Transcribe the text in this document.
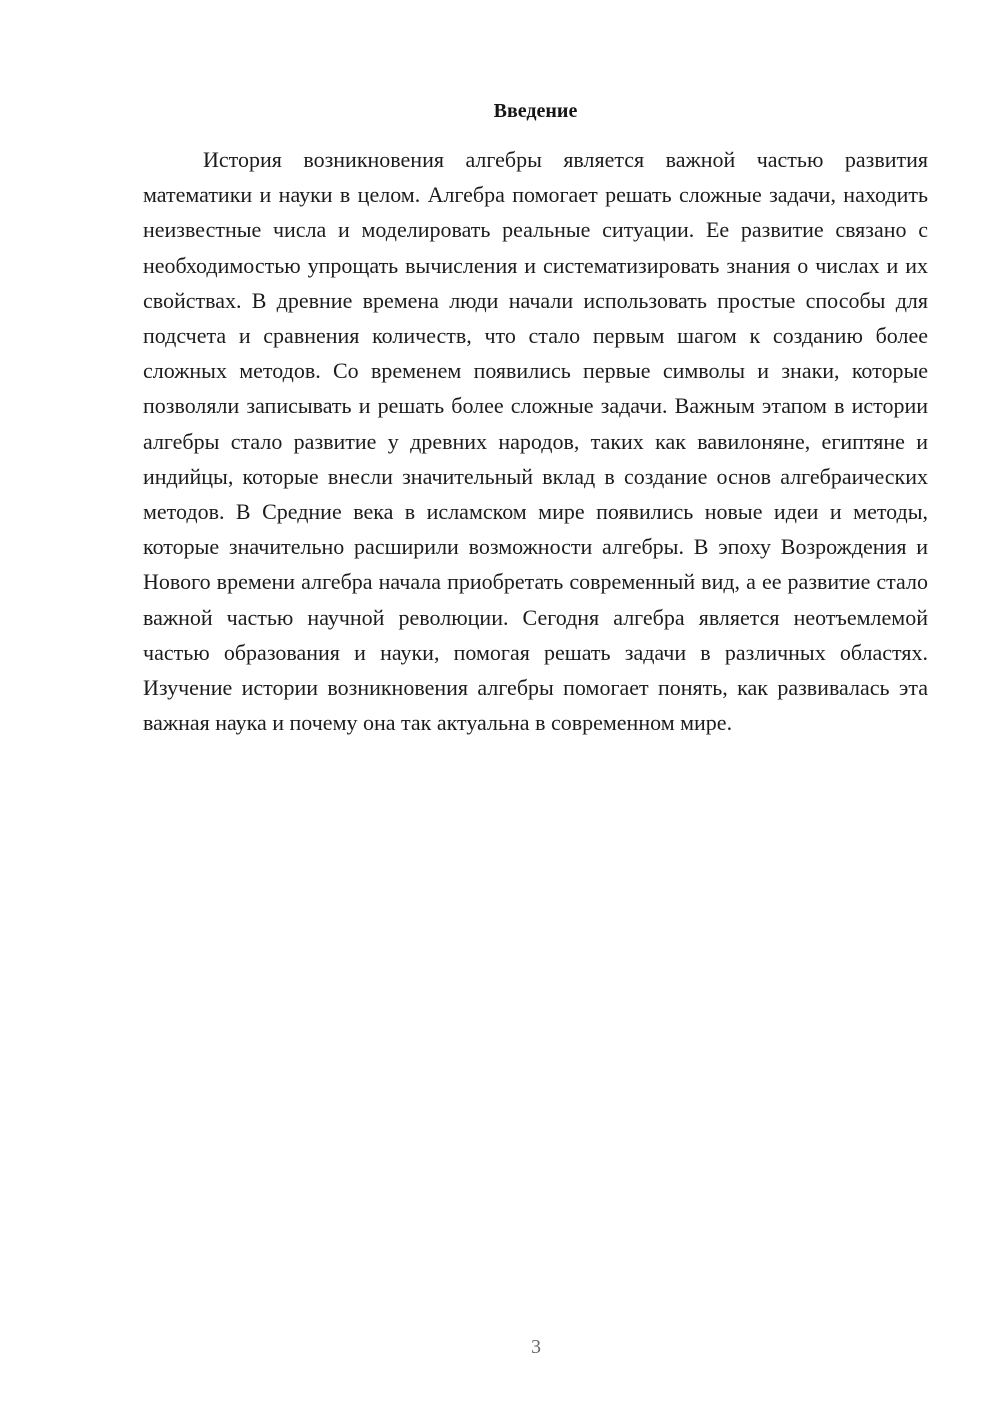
Введение

История возникновения алгебры является важной частью развития математики и науки в целом. Алгебра помогает решать сложные задачи, находить неизвестные числа и моделировать реальные ситуации. Ее развитие связано с необходимостью упрощать вычисления и систематизировать знания о числах и их свойствах. В древние времена люди начали использовать простые способы для подсчета и сравнения количеств, что стало первым шагом к созданию более сложных методов. Со временем появились первые символы и знаки, которые позволяли записывать и решать более сложные задачи. Важным этапом в истории алгебры стало развитие у древних народов, таких как вавилоняне, египтяне и индийцы, которые внесли значительный вклад в создание основ алгебраических методов. В Средние века в исламском мире появились новые идеи и методы, которые значительно расширили возможности алгебры. В эпоху Возрождения и Нового времени алгебра начала приобретать современный вид, а ее развитие стало важной частью научной революции. Сегодня алгебра является неотъемлемой частью образования и науки, помогая решать задачи в различных областях. Изучение истории возникновения алгебры помогает понять, как развивалась эта важная наука и почему она так актуальна в современном мире.

3
